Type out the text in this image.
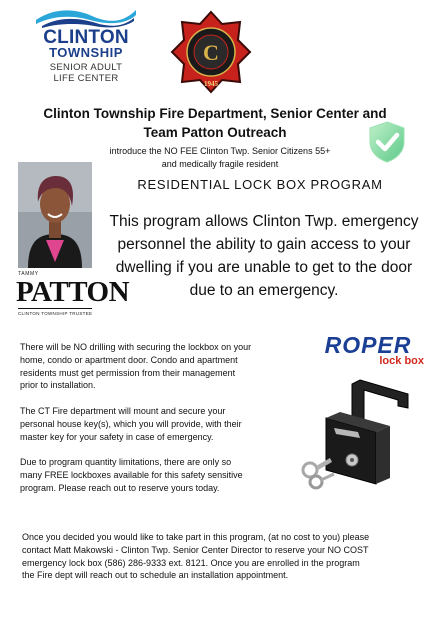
CLINTON
TOWNSHIP
SENIOR ADULT
LIFE CENTER
C
1945
Clinton Township Fire Department, Senior Center and
Team Patton Outreach
introduce the NO FEE Clinton Twp. Senior Citizens 55+
and medically fragile resident
TAMMY
PATTON
CLINTON TOWNSHIP TRUSTEE
RESIDENTIAL LOCK BOX PROGRAM
This program allows Clinton Twp. emergency
personnel the ability to gain access to your
dwelling if you are unable to get to the door
due to an emergency.

There will be NO drilling with securing the lockbox on your
home, condo or apartment door. Condo and apartment
residents must get permission from their management
prior to installation.

The CT Fire department will mount and secure your
personal house key(s), which you will provide, with their
master key for your safety in case of emergency.

Due to program quantity limitations, there are only so
many FREE lockboxes available for this safety sensitive
program. Please reach out to reserve yours today.

ROPER
lock box
Once you decided you would like to take part in this program, (at no cost to you) please
contact Matt Makowski - Clinton Twp. Senior Center Director to reserve your NO COST
emergency lock box (586) 286-9333 ext. 8121. Once you are enrolled in the program
the Fire dept will reach out to schedule an installation appointment.
